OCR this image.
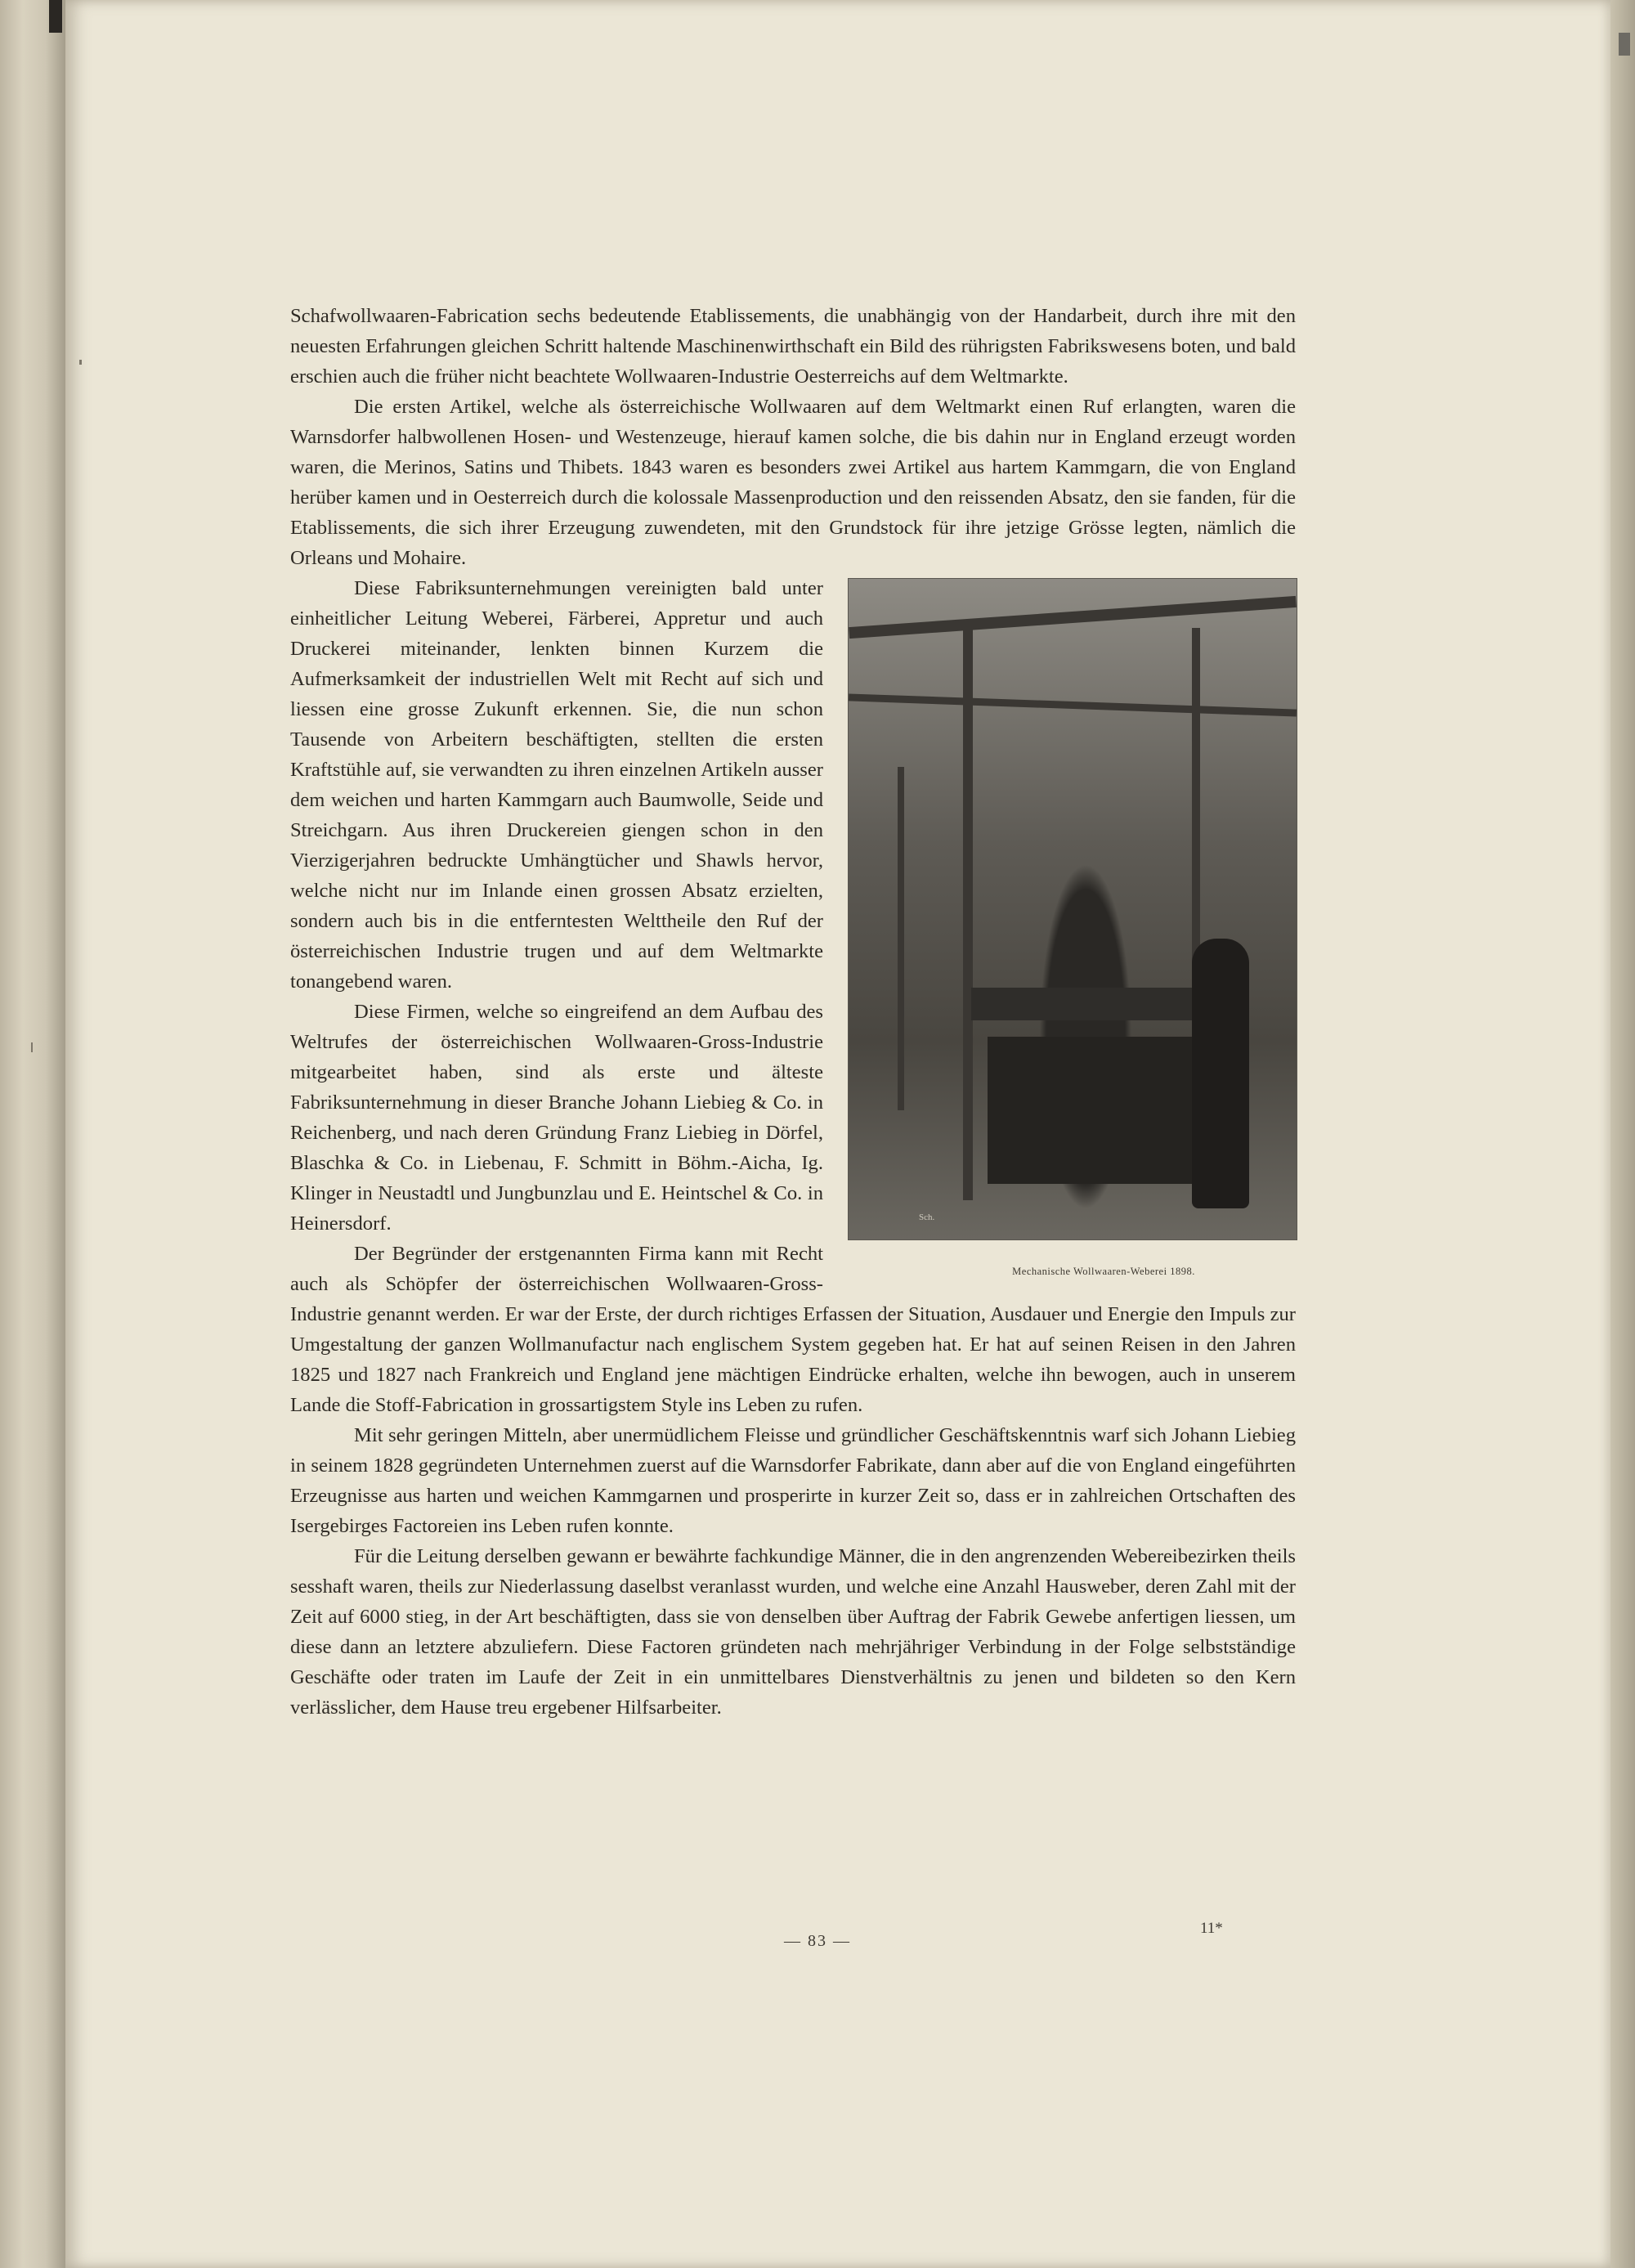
Schafwollwaaren-Fabrication sechs bedeutende Etablissements, die unabhängig von der Handarbeit, durch ihre mit den neuesten Erfahrungen gleichen Schritt haltende Maschinenwirthschaft ein Bild des rührigsten Fabrikswesens boten, und bald erschien auch die früher nicht beachtete Wollwaaren-Industrie Oesterreichs auf dem Weltmarkte.

Die ersten Artikel, welche als österreichische Wollwaaren auf dem Weltmarkt einen Ruf erlangten, waren die Warnsdorfer halbwollenen Hosen- und Westenzeuge, hierauf kamen solche, die bis dahin nur in England erzeugt worden waren, die Merinos, Satins und Thibets. 1843 waren es besonders zwei Artikel aus hartem Kammgarn, die von England herüber kamen und in Oesterreich durch die kolossale Massenproduction und den reissenden Absatz, den sie fanden, für die Etablissements, die sich ihrer Erzeugung zuwendeten, mit den Grundstock für ihre jetzige Grösse legten, nämlich die Orleans und Mohaire.

Sch.
Mechanische Wollwaaren-Weberei 1898.
Diese Fabriksunternehmungen vereinigten bald unter einheitlicher Leitung Weberei, Färberei, Appretur und auch Druckerei miteinander, lenkten binnen Kurzem die Aufmerksamkeit der industriellen Welt mit Recht auf sich und liessen eine grosse Zukunft erkennen. Sie, die nun schon Tausende von Arbeitern beschäftigten, stellten die ersten Kraftstühle auf, sie verwandten zu ihren einzelnen Artikeln ausser dem weichen und harten Kammgarn auch Baumwolle, Seide und Streichgarn. Aus ihren Druckereien giengen schon in den Vierzigerjahren bedruckte Umhängtücher und Shawls hervor, welche nicht nur im Inlande einen grossen Absatz erzielten, sondern auch bis in die entferntesten Welttheile den Ruf der österreichischen Industrie trugen und auf dem Weltmarkte tonangebend waren.

Diese Firmen, welche so eingreifend an dem Aufbau des Weltrufes der österreichischen Wollwaaren-Gross-Industrie mitgearbeitet haben, sind als erste und älteste Fabriksunternehmung in dieser Branche Johann Liebieg & Co. in Reichenberg, und nach deren Gründung Franz Liebieg in Dörfel, Blaschka & Co. in Liebenau, F. Schmitt in Böhm.-Aicha, Ig. Klinger in Neustadtl und Jungbunzlau und E. Heintschel & Co. in Heinersdorf.

Der Begründer der erstgenannten Firma kann mit Recht auch als Schöpfer der österreichischen Wollwaaren-Gross-Industrie genannt werden. Er war der Erste, der durch richtiges Erfassen der Situation, Ausdauer und Energie den Impuls zur Umgestaltung der ganzen Wollmanufactur nach englischem System gegeben hat. Er hat auf seinen Reisen in den Jahren 1825 und 1827 nach Frankreich und England jene mächtigen Eindrücke erhalten, welche ihn bewogen, auch in unserem Lande die Stoff-Fabrication in grossartigstem Style ins Leben zu rufen.

Mit sehr geringen Mitteln, aber unermüdlichem Fleisse und gründlicher Geschäftskenntnis warf sich Johann Liebieg in seinem 1828 gegründeten Unternehmen zuerst auf die Warnsdorfer Fabrikate, dann aber auf die von England eingeführten Erzeugnisse aus harten und weichen Kammgarnen und prosperirte in kurzer Zeit so, dass er in zahlreichen Ortschaften des Isergebirges Factoreien ins Leben rufen konnte.

Für die Leitung derselben gewann er bewährte fachkundige Männer, die in den angrenzenden Webereibezirken theils sesshaft waren, theils zur Niederlassung daselbst veranlasst wurden, und welche eine Anzahl Hausweber, deren Zahl mit der Zeit auf 6000 stieg, in der Art beschäftigten, dass sie von denselben über Auftrag der Fabrik Gewebe anfertigen liessen, um diese dann an letztere abzuliefern. Diese Factoren gründeten nach mehrjähriger Verbindung in der Folge selbstständige Geschäfte oder traten im Laufe der Zeit in ein unmittelbares Dienstverhältnis zu jenen und bildeten so den Kern verlässlicher, dem Hause treu ergebener Hilfsarbeiter.

— 83 —
11*
